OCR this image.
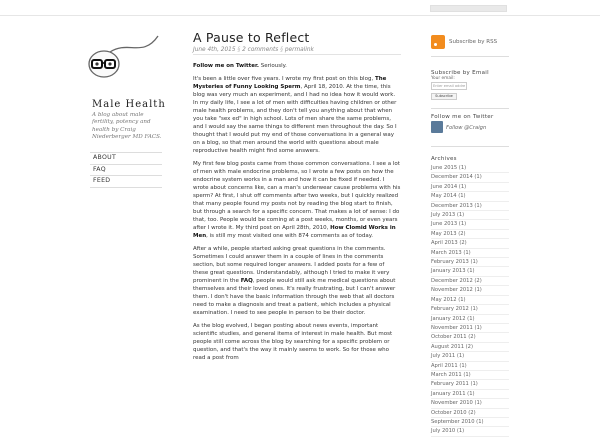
Male Health
A blog about male fertility, potency and health by Craig Niederberger MD FACS.
ABOUT
FAQ
FEED
A Pause to Reflect
June 4th, 2015 § 2 comments § permalink

Follow me on Twitter. Seriously.

It's been a little over five years. I wrote my first post on this blog, The Mysteries of Funny Looking Sperm, April 18, 2010. At the time, this blog was very much an experiment, and I had no idea how it would work. In my daily life, I see a lot of men with difficulties having children or other male health problems, and they don't tell you anything about that when you take "sex ed" in high school. Lots of men share the same problems, and I would say the same things to different men throughout the day. So I thought that I would put my end of those conversations in a general way on a blog, so that men around the world with questions about male reproductive health might find some answers.

My first few blog posts came from those common conversations. I see a lot of men with male endocrine problems, so I wrote a few posts on how the endocrine system works in a man and how it can be fixed if needed. I wrote about concerns like, can a man's underwear cause problems with his sperm? At first, I shut off comments after two weeks, but I quickly realized that many people found my posts not by reading the blog start to finish, but through a search for a specific concern. That makes a lot of sense: I do that, too. People would be coming at a post weeks, months, or even years after I wrote it. My third post on April 28th, 2010, How Clomid Works in Men, is still my most visited one with 874 comments as of today.

After a while, people started asking great questions in the comments. Sometimes I could answer them in a couple of lines in the comments section, but some required longer answers. I added posts for a few of these great questions. Understandably, although I tried to make it very prominent in the FAQ, people would still ask me medical questions about themselves and their loved ones. It's really frustrating, but I can't answer them. I don't have the basic information through the web that all doctors need to make a diagnosis and treat a patient, which includes a physical examination. I need to see people in person to be their doctor.

As the blog evolved, I began posting about news events, important scientific studies, and general items of interest in male health. But most people still come across the blog by searching for a specific problem or question, and that's the way it mainly seems to work. So for those who read a post from

Subscribe by RSS
Subscribe by Email
Your email:
Enter email addre
Subscribe
Follow me on Twitter
Follow @Craign
Archives
June 2015 (1)
December 2014 (1)
June 2014 (1)
May 2014 (1)
December 2013 (1)
July 2013 (1)
June 2013 (1)
May 2013 (2)
April 2013 (2)
March 2013 (1)
February 2013 (1)
January 2013 (1)
December 2012 (2)
November 2012 (1)
May 2012 (1)
February 2012 (1)
January 2012 (1)
November 2011 (1)
October 2011 (2)
August 2011 (2)
July 2011 (1)
April 2011 (1)
March 2011 (1)
February 2011 (1)
January 2011 (1)
November 2010 (1)
October 2010 (2)
September 2010 (1)
July 2010 (1)
